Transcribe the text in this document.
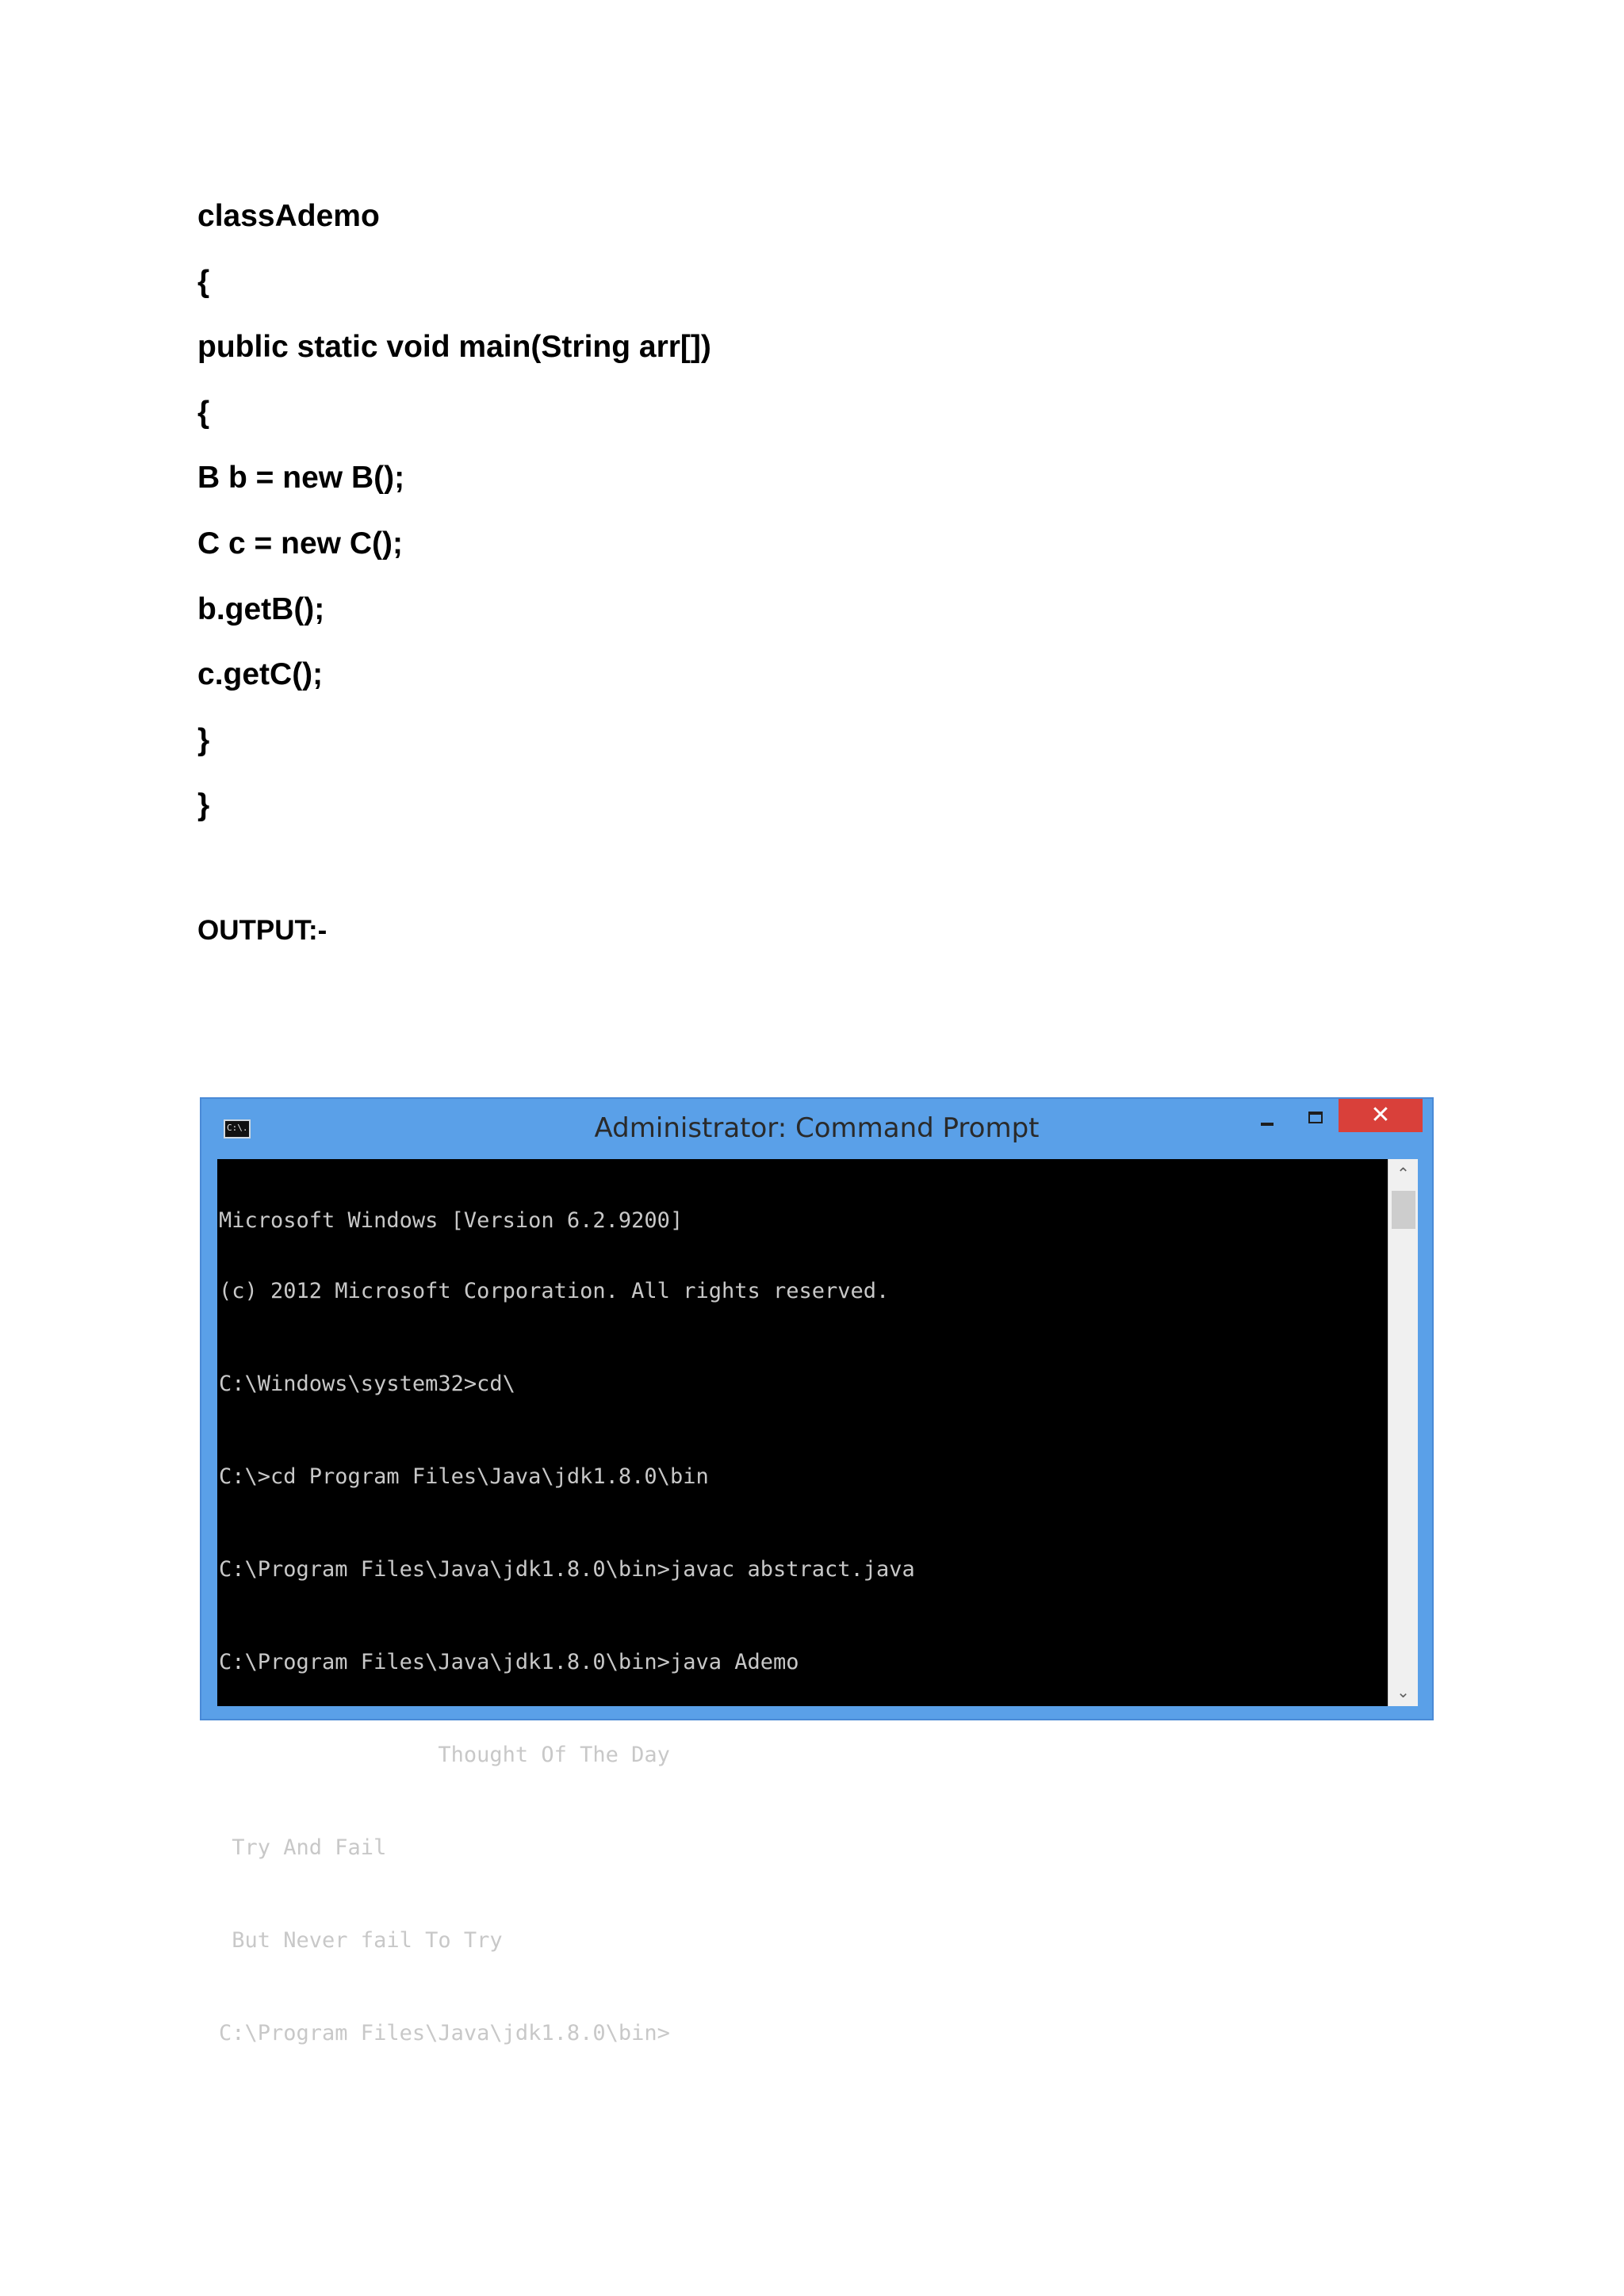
classAdemo
{
public static void main(String arr[])
{
B b = new B();
C c = new C();
b.getB();
c.getC();
}
}
OUTPUT:-
C:\.	Administrator: Command Prompt	✕

Microsoft Windows [Version 6.2.9200]

(c) 2012 Microsoft Corporation. All rights reserved.

C:\Windows\system32>cd\

C:\>cd Program Files\Java\jdk1.8.0\bin

C:\Program Files\Java\jdk1.8.0\bin>javac abstract.java

C:\Program Files\Java\jdk1.8.0\bin>java Ademo

Thought Of The Day

Try And Fail

But Never fail To Try

C:\Program Files\Java\jdk1.8.0\bin>

⌃
⌄
